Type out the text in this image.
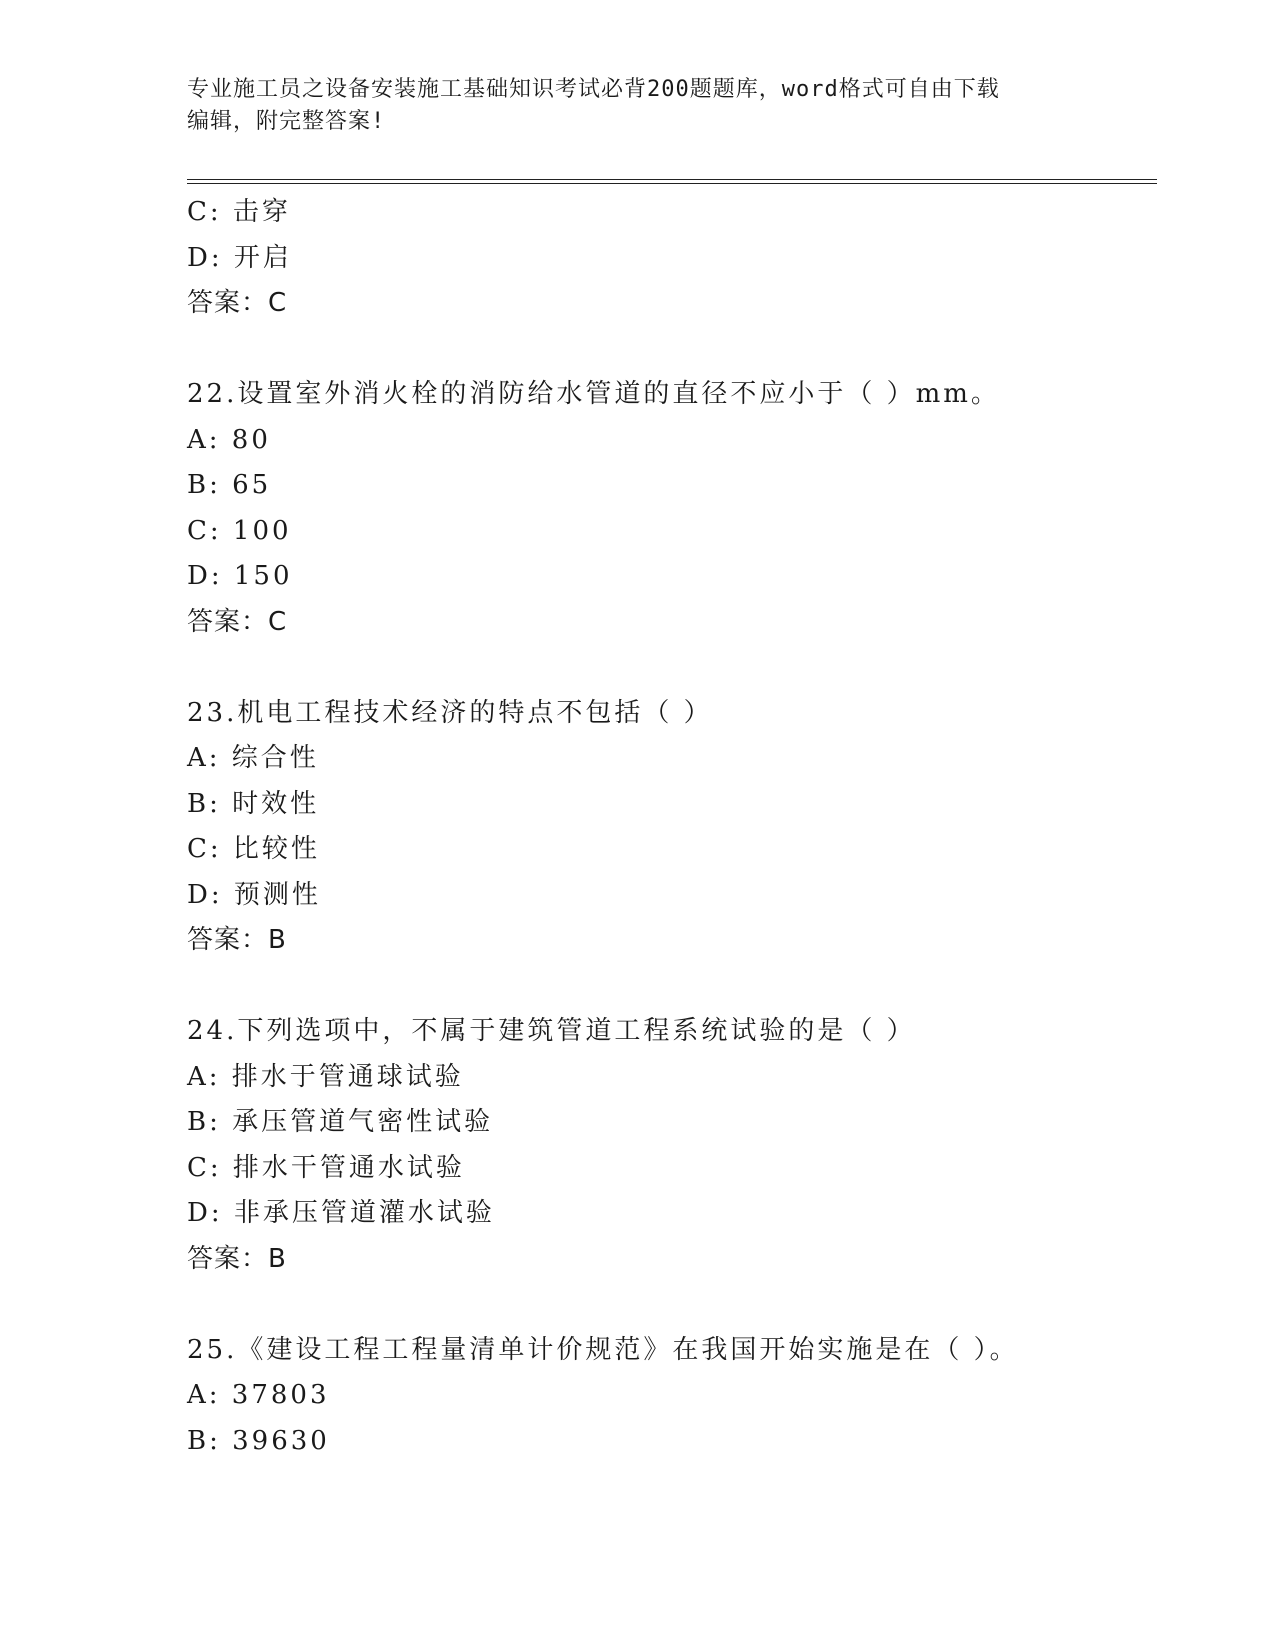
专业施工员之设备安装施工基础知识考试必背200题题库，word格式可自由下载
编辑，附完整答案!
C: 击穿
D: 开启
答案：C
22.设置室外消火栓的消防给水管道的直径不应小于（ ）mm。
A: 80
B: 65
C: 100
D: 150
答案：C
23.机电工程技术经济的特点不包括（ ）
A: 综合性
B: 时效性
C: 比较性
D: 预测性
答案：B
24.下列选项中，不属于建筑管道工程系统试验的是（ ）
A: 排水于管通球试验
B: 承压管道气密性试验
C: 排水干管通水试验
D: 非承压管道灌水试验
答案：B
25.《建设工程工程量清单计价规范》在我国开始实施是在（ ）。
A: 37803
B: 39630
